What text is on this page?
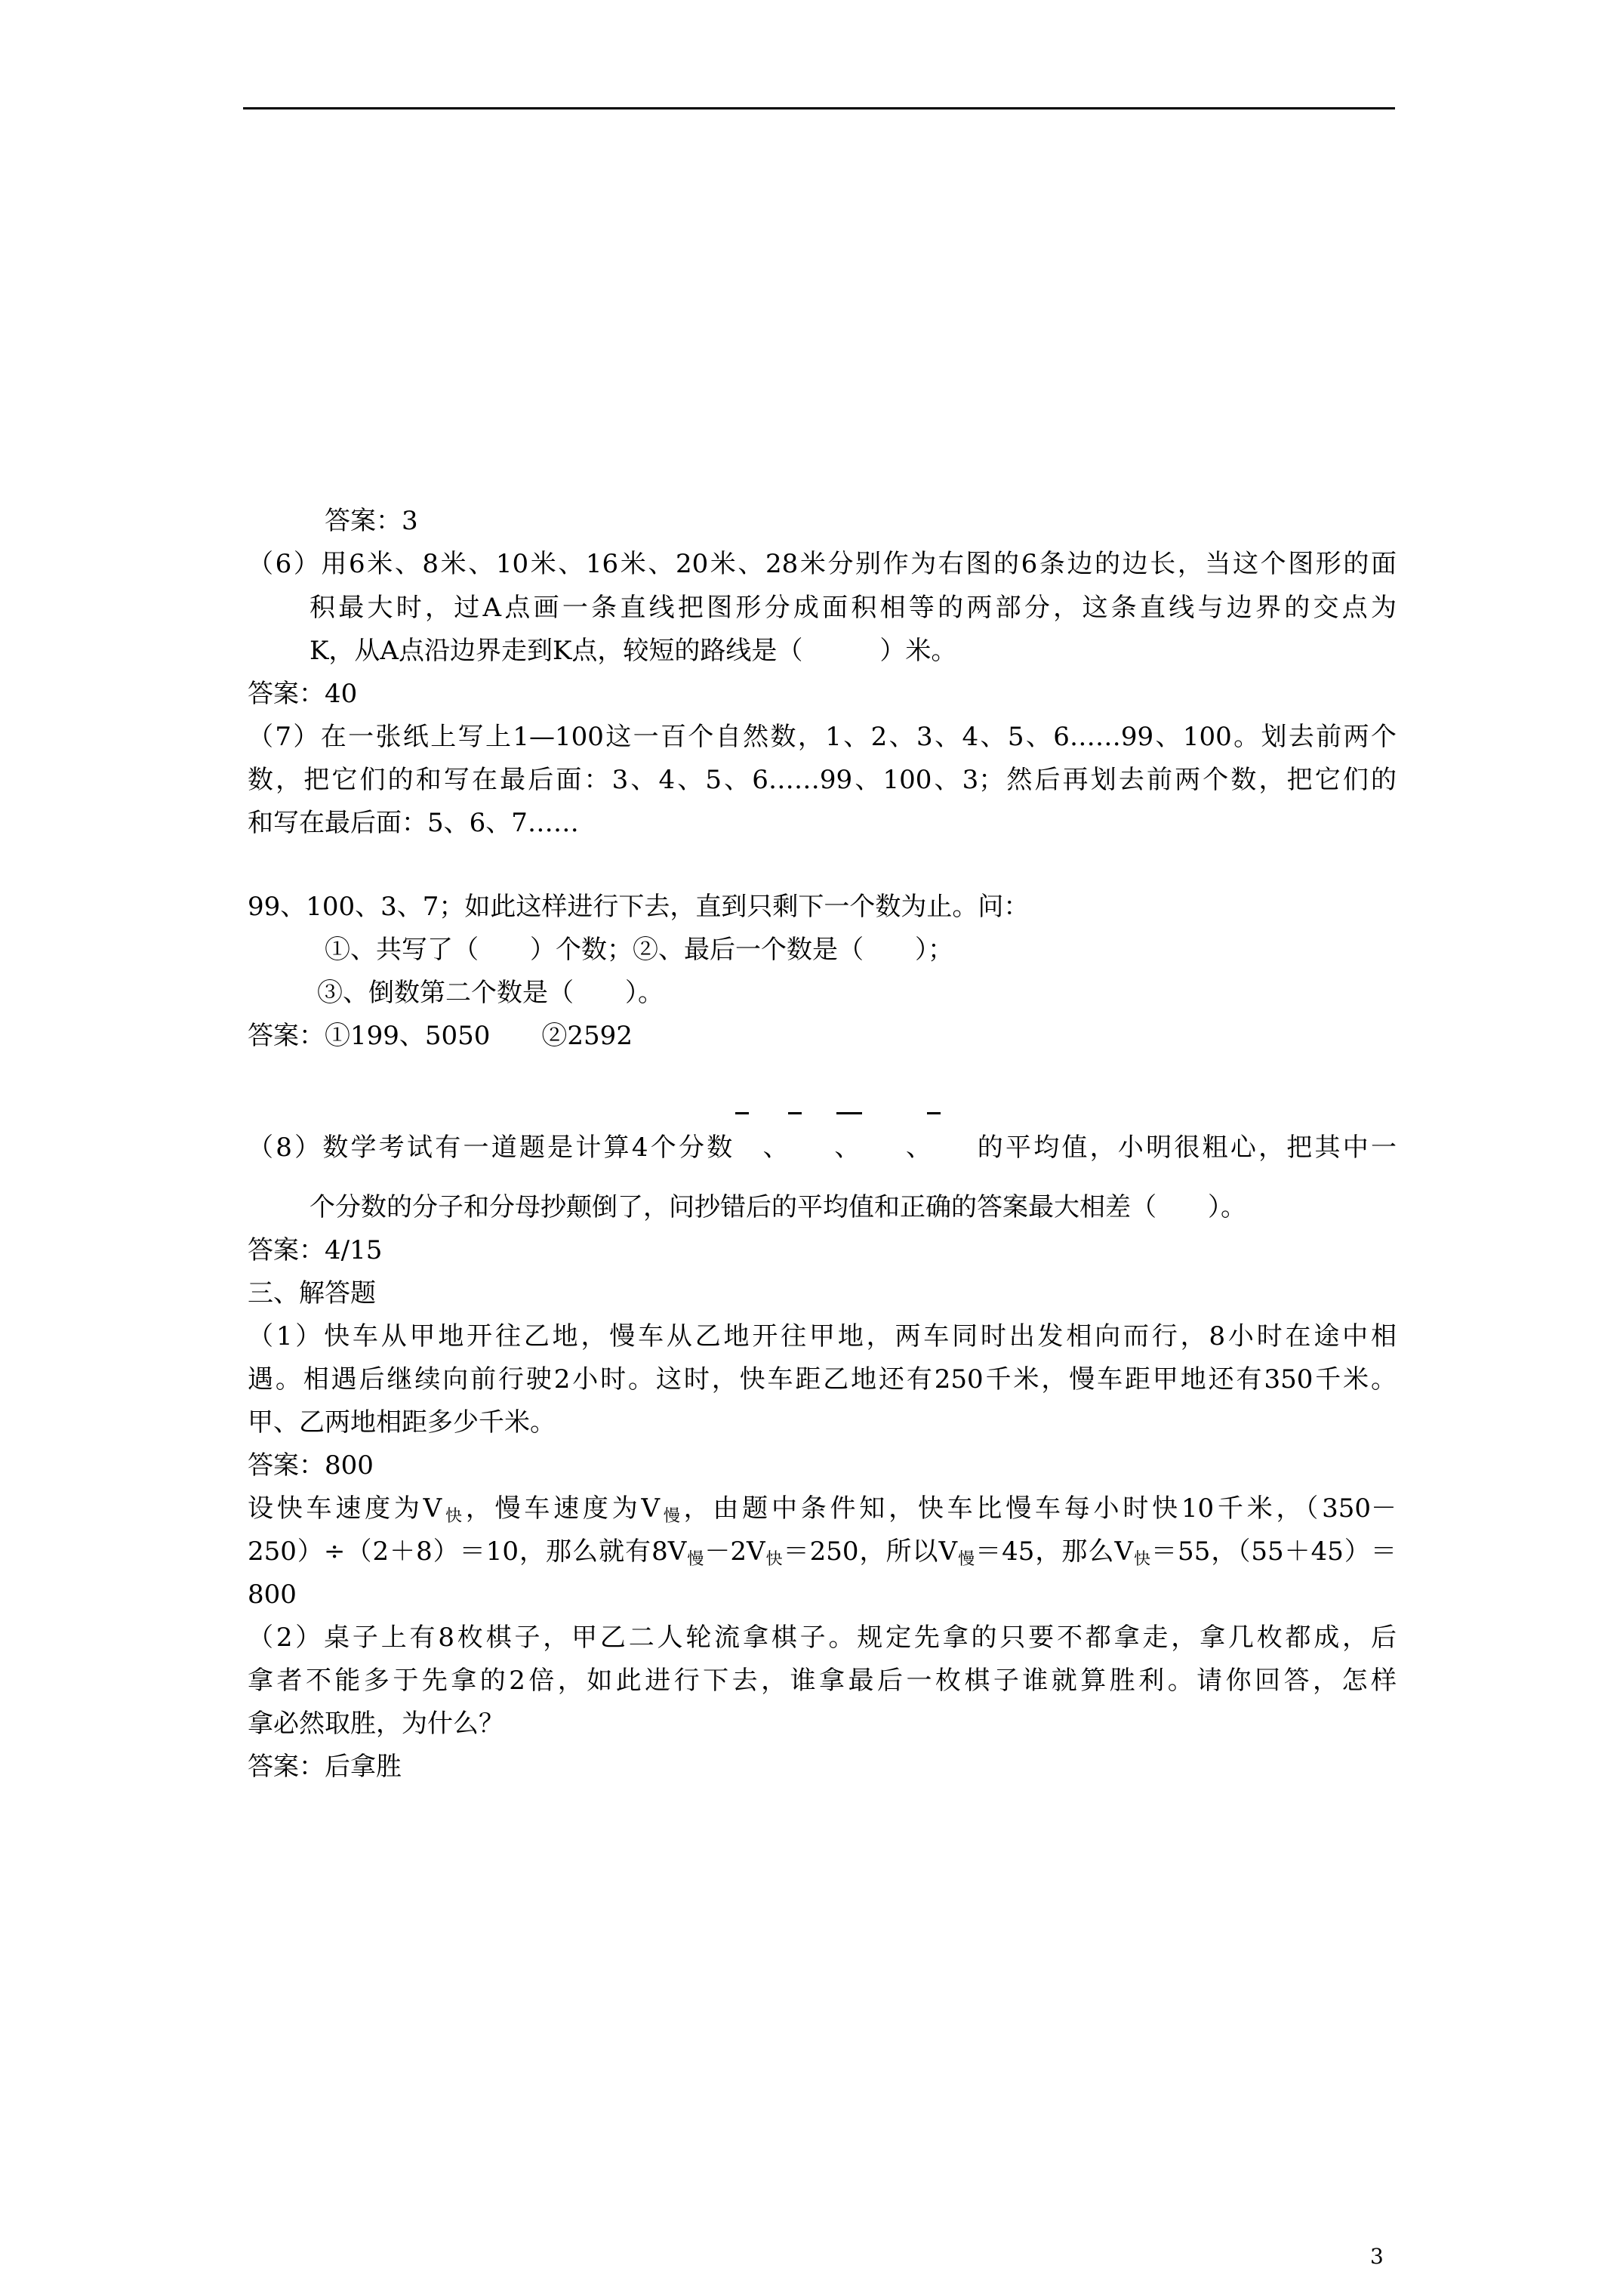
答案：3
（6）用6米、8米、10米、16米、20米、28米分别作为右图的6条边的边长，当这个图形的面
积最大时，过A点画一条直线把图形分成面积相等的两部分，这条直线与边界的交点为
K，从A点沿边界走到K点，较短的路线是（　　　）米。
答案：40
（7）在一张纸上写上1—100这一百个自然数，1、2、3、4、5、6……99、100。划去前两个
数，把它们的和写在最后面：3、4、5、6……99、100、3；然后再划去前两个数，把它们的
和写在最后面：5、6、7……
99、100、3、7；如此这样进行下去，直到只剩下一个数为止。问：
①、共写了（　　）个数；②、最后一个数是（　　）；
③、倒数第二个数是（　　）。
答案：①199、5050　　②2592
（8）数学考试有一道题是计算4个分数　、　　、　　、　　的平均值，小明很粗心，把其中一
个分数的分子和分母抄颠倒了，问抄错后的平均值和正确的答案最大相差（　　）。
答案：4/15
三、解答题
（1）快车从甲地开往乙地，慢车从乙地开往甲地，两车同时出发相向而行，8小时在途中相
遇。相遇后继续向前行驶2小时。这时，快车距乙地还有250千米，慢车距甲地还有350千米。
甲、乙两地相距多少千米。
答案：800
设快车速度为$V_快$，慢车速度为$V_慢$，由题中条件知，快车比慢车每小时快10千米，（350－
250）÷（2＋8）＝10，那么就有$8V_慢-2V_快=250$，所以$V_慢=45$，那么$V_快=55$，（55＋45）＝
800
（2）桌子上有8枚棋子，甲乙二人轮流拿棋子。规定先拿的只要不都拿走，拿几枚都成，后
拿者不能多于先拿的2倍，如此进行下去，谁拿最后一枚棋子谁就算胜利。请你回答，怎样
拿必然取胜，为什么？
答案：后拿胜
3
